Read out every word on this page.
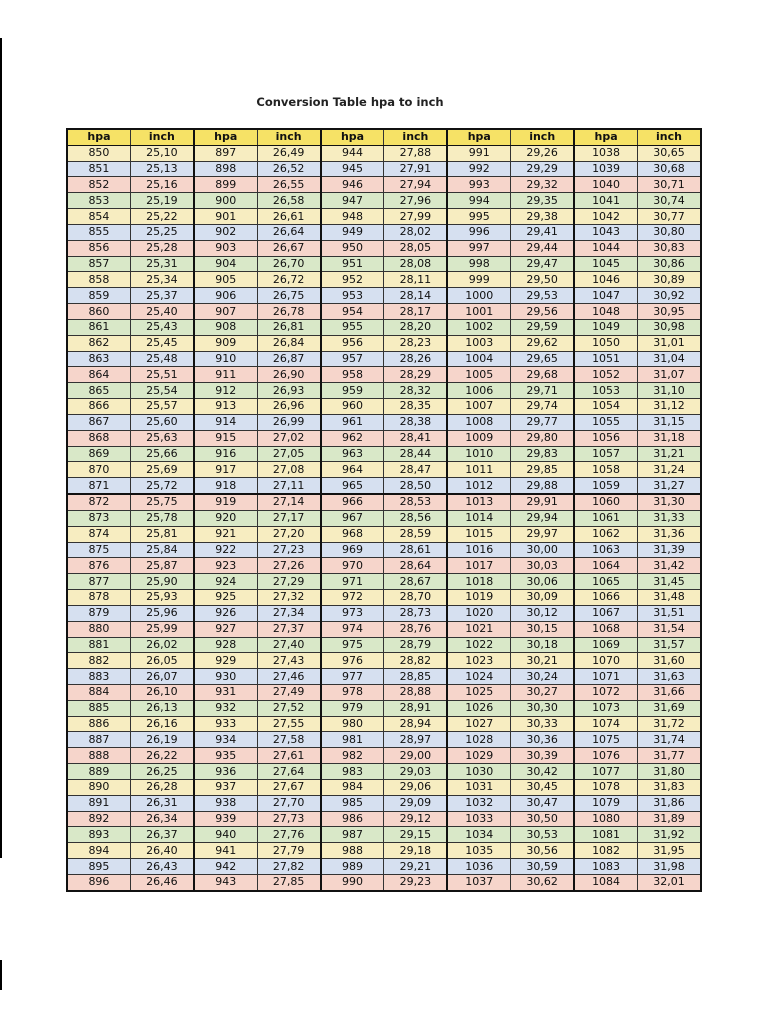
Conversion Table hpa to inch
hpa	inch	hpa	inch	hpa	inch	hpa	inch	hpa	inch
850	25,10	897	26,49	944	27,88	991	29,26	1038	30,65
851	25,13	898	26,52	945	27,91	992	29,29	1039	30,68
852	25,16	899	26,55	946	27,94	993	29,32	1040	30,71
853	25,19	900	26,58	947	27,96	994	29,35	1041	30,74
854	25,22	901	26,61	948	27,99	995	29,38	1042	30,77
855	25,25	902	26,64	949	28,02	996	29,41	1043	30,80
856	25,28	903	26,67	950	28,05	997	29,44	1044	30,83
857	25,31	904	26,70	951	28,08	998	29,47	1045	30,86
858	25,34	905	26,72	952	28,11	999	29,50	1046	30,89
859	25,37	906	26,75	953	28,14	1000	29,53	1047	30,92
860	25,40	907	26,78	954	28,17	1001	29,56	1048	30,95
861	25,43	908	26,81	955	28,20	1002	29,59	1049	30,98
862	25,45	909	26,84	956	28,23	1003	29,62	1050	31,01
863	25,48	910	26,87	957	28,26	1004	29,65	1051	31,04
864	25,51	911	26,90	958	28,29	1005	29,68	1052	31,07
865	25,54	912	26,93	959	28,32	1006	29,71	1053	31,10
866	25,57	913	26,96	960	28,35	1007	29,74	1054	31,12
867	25,60	914	26,99	961	28,38	1008	29,77	1055	31,15
868	25,63	915	27,02	962	28,41	1009	29,80	1056	31,18
869	25,66	916	27,05	963	28,44	1010	29,83	1057	31,21
870	25,69	917	27,08	964	28,47	1011	29,85	1058	31,24
871	25,72	918	27,11	965	28,50	1012	29,88	1059	31,27
872	25,75	919	27,14	966	28,53	1013	29,91	1060	31,30
873	25,78	920	27,17	967	28,56	1014	29,94	1061	31,33
874	25,81	921	27,20	968	28,59	1015	29,97	1062	31,36
875	25,84	922	27,23	969	28,61	1016	30,00	1063	31,39
876	25,87	923	27,26	970	28,64	1017	30,03	1064	31,42
877	25,90	924	27,29	971	28,67	1018	30,06	1065	31,45
878	25,93	925	27,32	972	28,70	1019	30,09	1066	31,48
879	25,96	926	27,34	973	28,73	1020	30,12	1067	31,51
880	25,99	927	27,37	974	28,76	1021	30,15	1068	31,54
881	26,02	928	27,40	975	28,79	1022	30,18	1069	31,57
882	26,05	929	27,43	976	28,82	1023	30,21	1070	31,60
883	26,07	930	27,46	977	28,85	1024	30,24	1071	31,63
884	26,10	931	27,49	978	28,88	1025	30,27	1072	31,66
885	26,13	932	27,52	979	28,91	1026	30,30	1073	31,69
886	26,16	933	27,55	980	28,94	1027	30,33	1074	31,72
887	26,19	934	27,58	981	28,97	1028	30,36	1075	31,74
888	26,22	935	27,61	982	29,00	1029	30,39	1076	31,77
889	26,25	936	27,64	983	29,03	1030	30,42	1077	31,80
890	26,28	937	27,67	984	29,06	1031	30,45	1078	31,83
891	26,31	938	27,70	985	29,09	1032	30,47	1079	31,86
892	26,34	939	27,73	986	29,12	1033	30,50	1080	31,89
893	26,37	940	27,76	987	29,15	1034	30,53	1081	31,92
894	26,40	941	27,79	988	29,18	1035	30,56	1082	31,95
895	26,43	942	27,82	989	29,21	1036	30,59	1083	31,98
896	26,46	943	27,85	990	29,23	1037	30,62	1084	32,01
